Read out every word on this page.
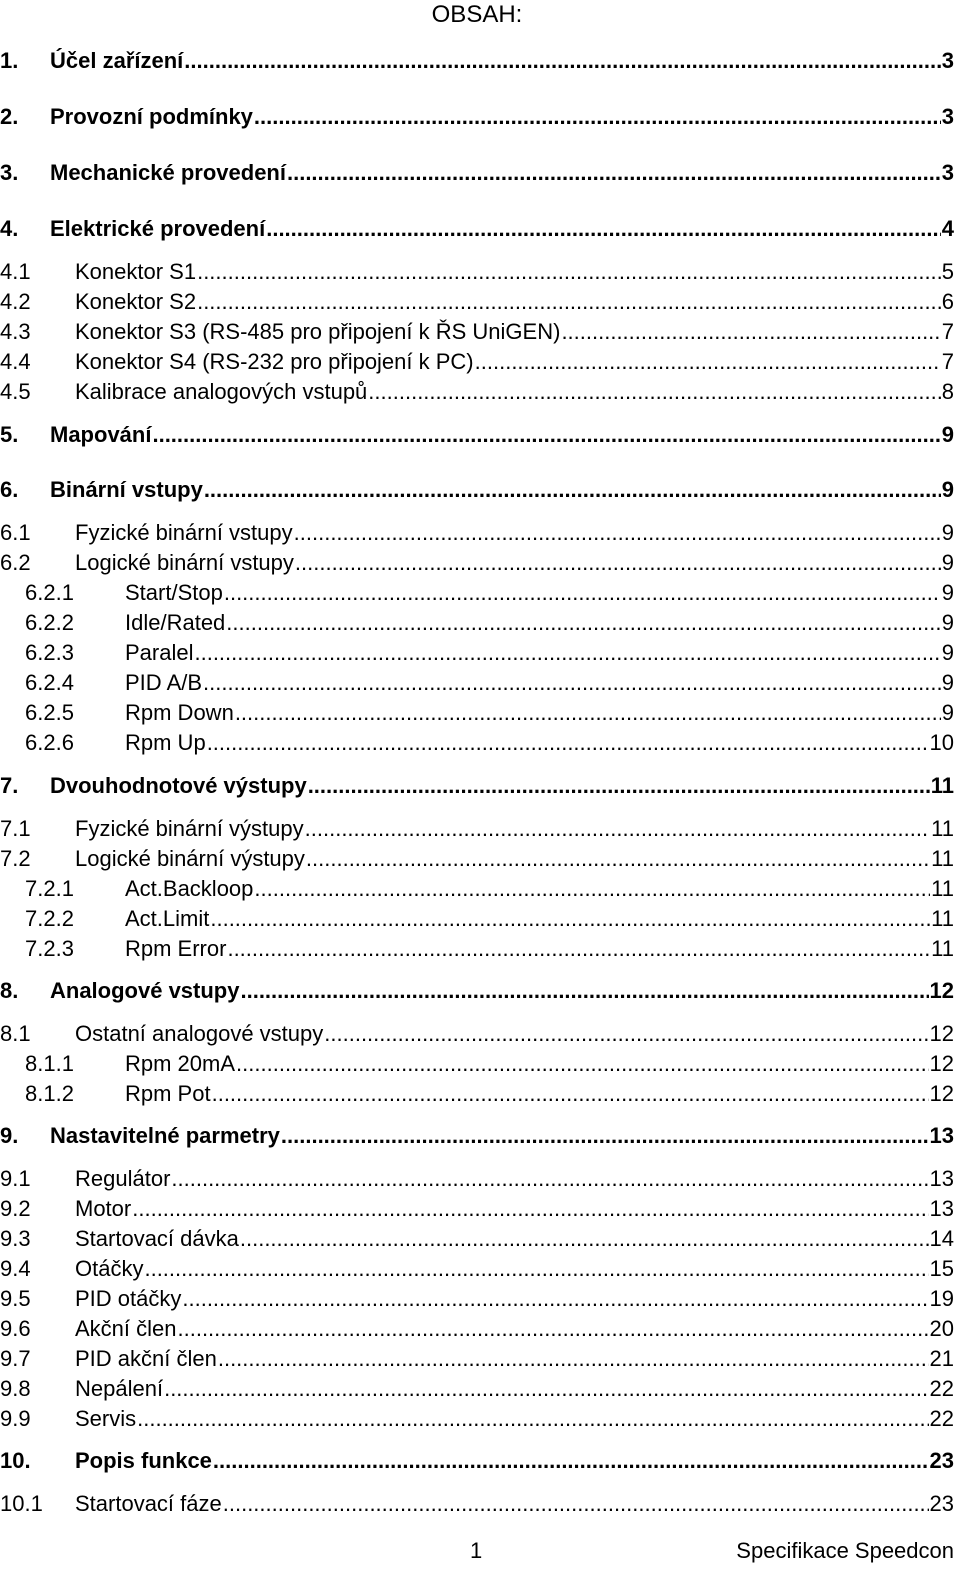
OBSAH:
1.	Účel zařízení .....	3
2.	Provozní podmínky .....	3
3.	Mechanické provedení .....	3
4.	Elektrické provedení .....	4
4.1	Konektor S1 .....	5
4.2	Konektor S2 .....	6
4.3	Konektor S3 (RS-485 pro připojení k ŘS UniGEN) .....	7
4.4	Konektor S4 (RS-232 pro připojení k PC) .....	7
4.5	Kalibrace analogových vstupů .....	8
5.	Mapování .....	9
6.	Binární vstupy .....	9
6.1	Fyzické binární vstupy .....	9
6.2	Logické binární vstupy .....	9
6.2.1	Start/Stop .....	9
6.2.2	Idle/Rated .....	9
6.2.3	Paralel .....	9
6.2.4	PID A/B .....	9
6.2.5	Rpm Down .....	9
6.2.6	Rpm Up .....	10
7.	Dvouhodnotové výstupy .....	11
7.1	Fyzické binární výstupy .....	11
7.2	Logické binární výstupy .....	11
7.2.1	Act.Backloop .....	11
7.2.2	Act.Limit .....	11
7.2.3	Rpm Error .....	11
8.	Analogové vstupy .....	12
8.1	Ostatní analogové vstupy .....	12
8.1.1	Rpm 20mA .....	12
8.1.2	Rpm Pot .....	12
9.	Nastavitelné parmetry .....	13
9.1	Regulátor .....	13
9.2	Motor .....	13
9.3	Startovací dávka .....	14
9.4	Otáčky .....	15
9.5	PID otáčky .....	19
9.6	Akční člen .....	20
9.7	PID akční člen .....	21
9.8	Nepálení .....	22
9.9	Servis .....	22
10.	Popis funkce .....	23
10.1	Startovací fáze .....	23
1	Specifikace Speedcon
